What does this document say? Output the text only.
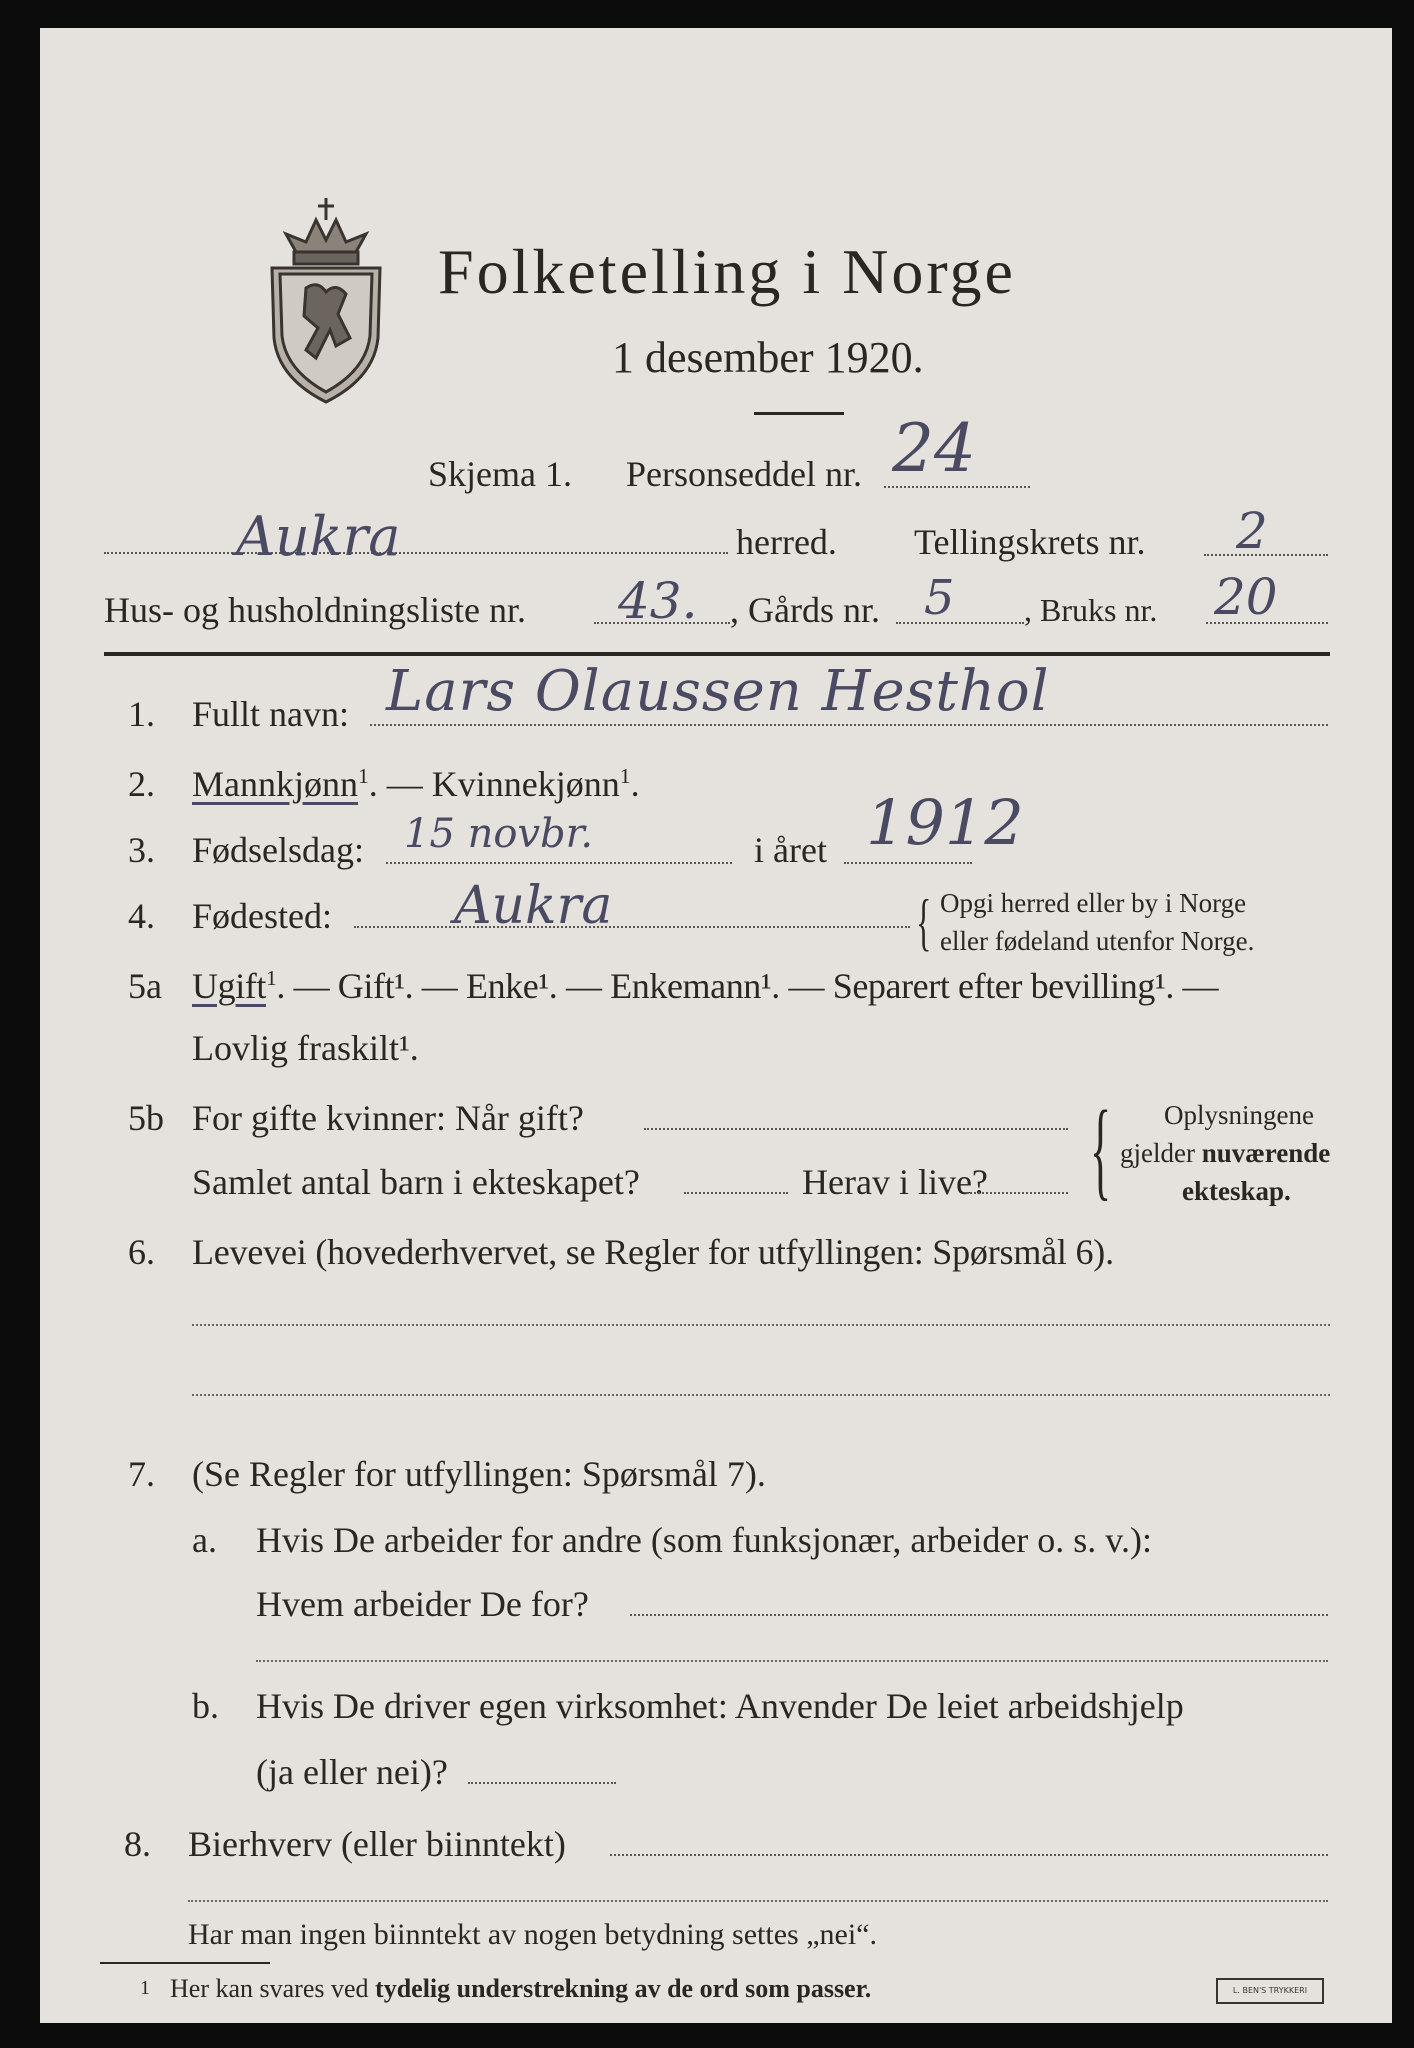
Folketelling i Norge
1 desember 1920.
Skjema 1. Personseddel nr. 24
Aukra	herred. Tellingskrets nr. 2
Hus- og husholdningsliste nr. 43. , Gårds nr. 5 , Bruks nr. 20
1. Fullt navn: Lars Olaussen Hesthol
2. Mannkjønn$^1$. — Kvinnekjønn$^1$.
3. Fødselsdag: 15 novbr.	i året 1912
4. Fødested: Aukra	{ Opgi herred eller by i Norge
eller fødeland utenfor Norge.
5a Ugift$^1$. — Gift¹. — Enke¹. — Enkemann¹. — Separert efter bevilling¹. —
Lovlig fraskilt¹.
5b For gifte kvinner: Når gift?
Samlet antal barn i ekteskapet?	Herav i live? { Oplysningene
gjelder nuværende
ekteskap.
6. Levevei (hovederhvervet, se Regler for utfyllingen: Spørsmål 6).
7. (Se Regler for utfyllingen: Spørsmål 7).
a. Hvis De arbeider for andre (som funksjonær, arbeider o. s. v.):
Hvem arbeider De for?
b. Hvis De driver egen virksomhet: Anvender De leiet arbeidshjelp
(ja eller nei)?
8. Bierhverv (eller biinntekt)
Har man ingen biinntekt av nogen betydning settes „nei“.
1 Her kan svares ved tydelig understrekning av de ord som passer.	L. BEN'S TRYKKERI
